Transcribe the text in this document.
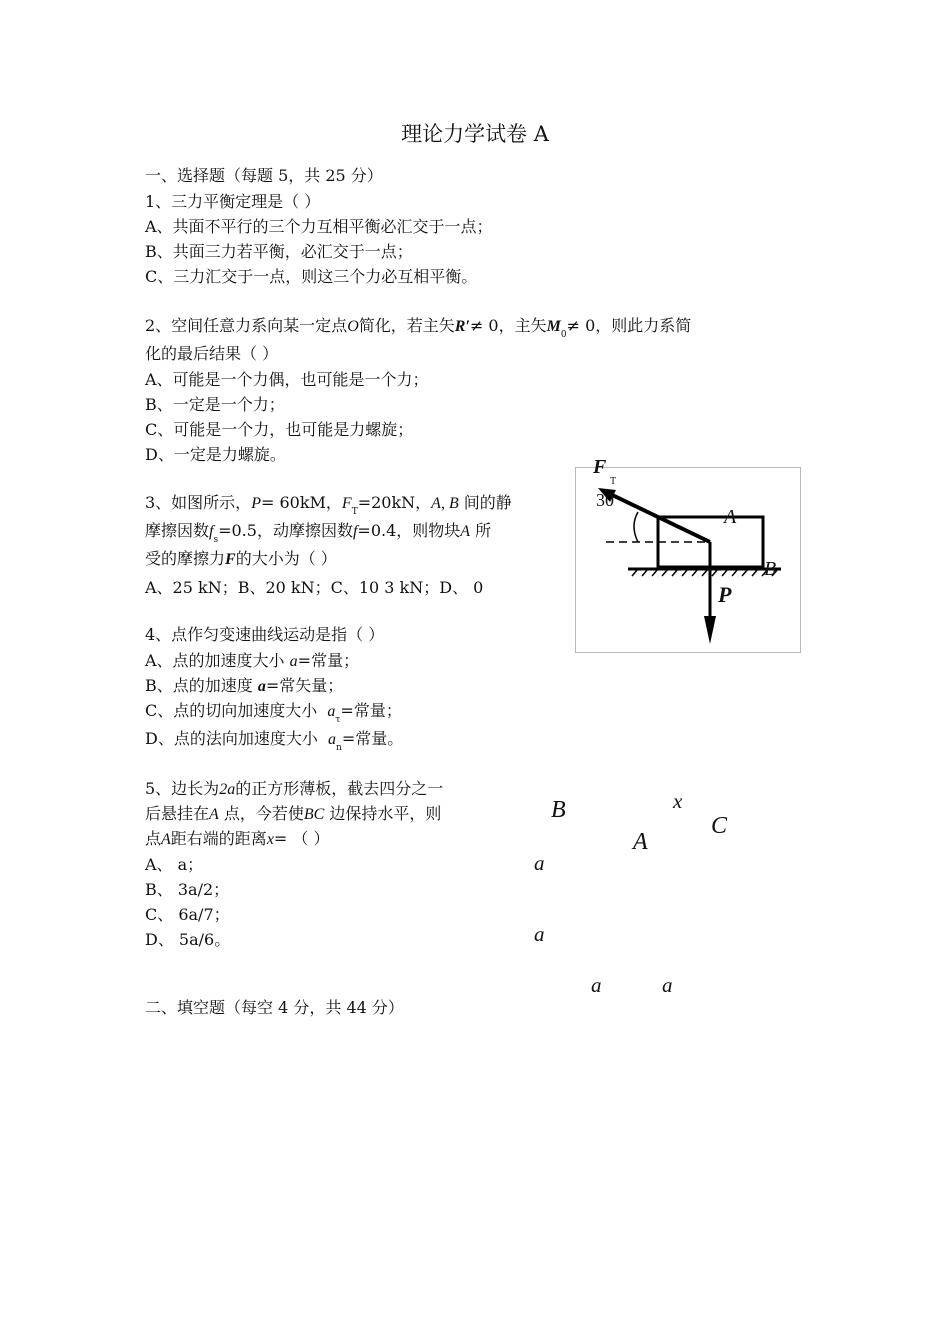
理论力学试卷 A
一、选择题（每题 5，共 25 分）
1、三力平衡定理是（ ）
A、共面不平行的三个力互相平衡必汇交于一点；
B、共面三力若平衡，必汇交于一点；
C、三力汇交于一点，则这三个力必互相平衡。
2、空间任意力系向某一定点O简化，若主矢R′≠ 0，主矢$M_0\ne 0$，则此力系简
化的最后结果（ ）
A、可能是一个力偶，也可能是一个力；
B、一定是一个力；
C、可能是一个力，也可能是力螺旋；
D、一定是力螺旋。
3、如图所示，P= 60kM，$F_T=20kN$，A, B 间的静
摩擦因数$f_s=0.5$，动摩擦因数f=0.4，则物块A 所
受的摩擦力F的大小为（ ）
A、25 kN；B、20 kN；C、10 3 kN；D、 0
F
T
30
A
B
P
4、点作匀变速曲线运动是指（ ）
A、点的加速度大小 a=常量；
B、点的加速度 a=常矢量；
C、点的切向加速度大小 $a_\tau=$常量；
D、点的法向加速度大小 $a_n=$常量。
5、边长为2a的正方形薄板，截去四分之一
后悬挂在A 点，今若使BC 边保持水平，则
点A距右端的距离x= （ ）
A、 a；
B、 3a/2；
C、 6a/7；
D、 5a/6。
B	x
C
A
a
a
a	a
二、填空题（每空 4 分，共 44 分）
